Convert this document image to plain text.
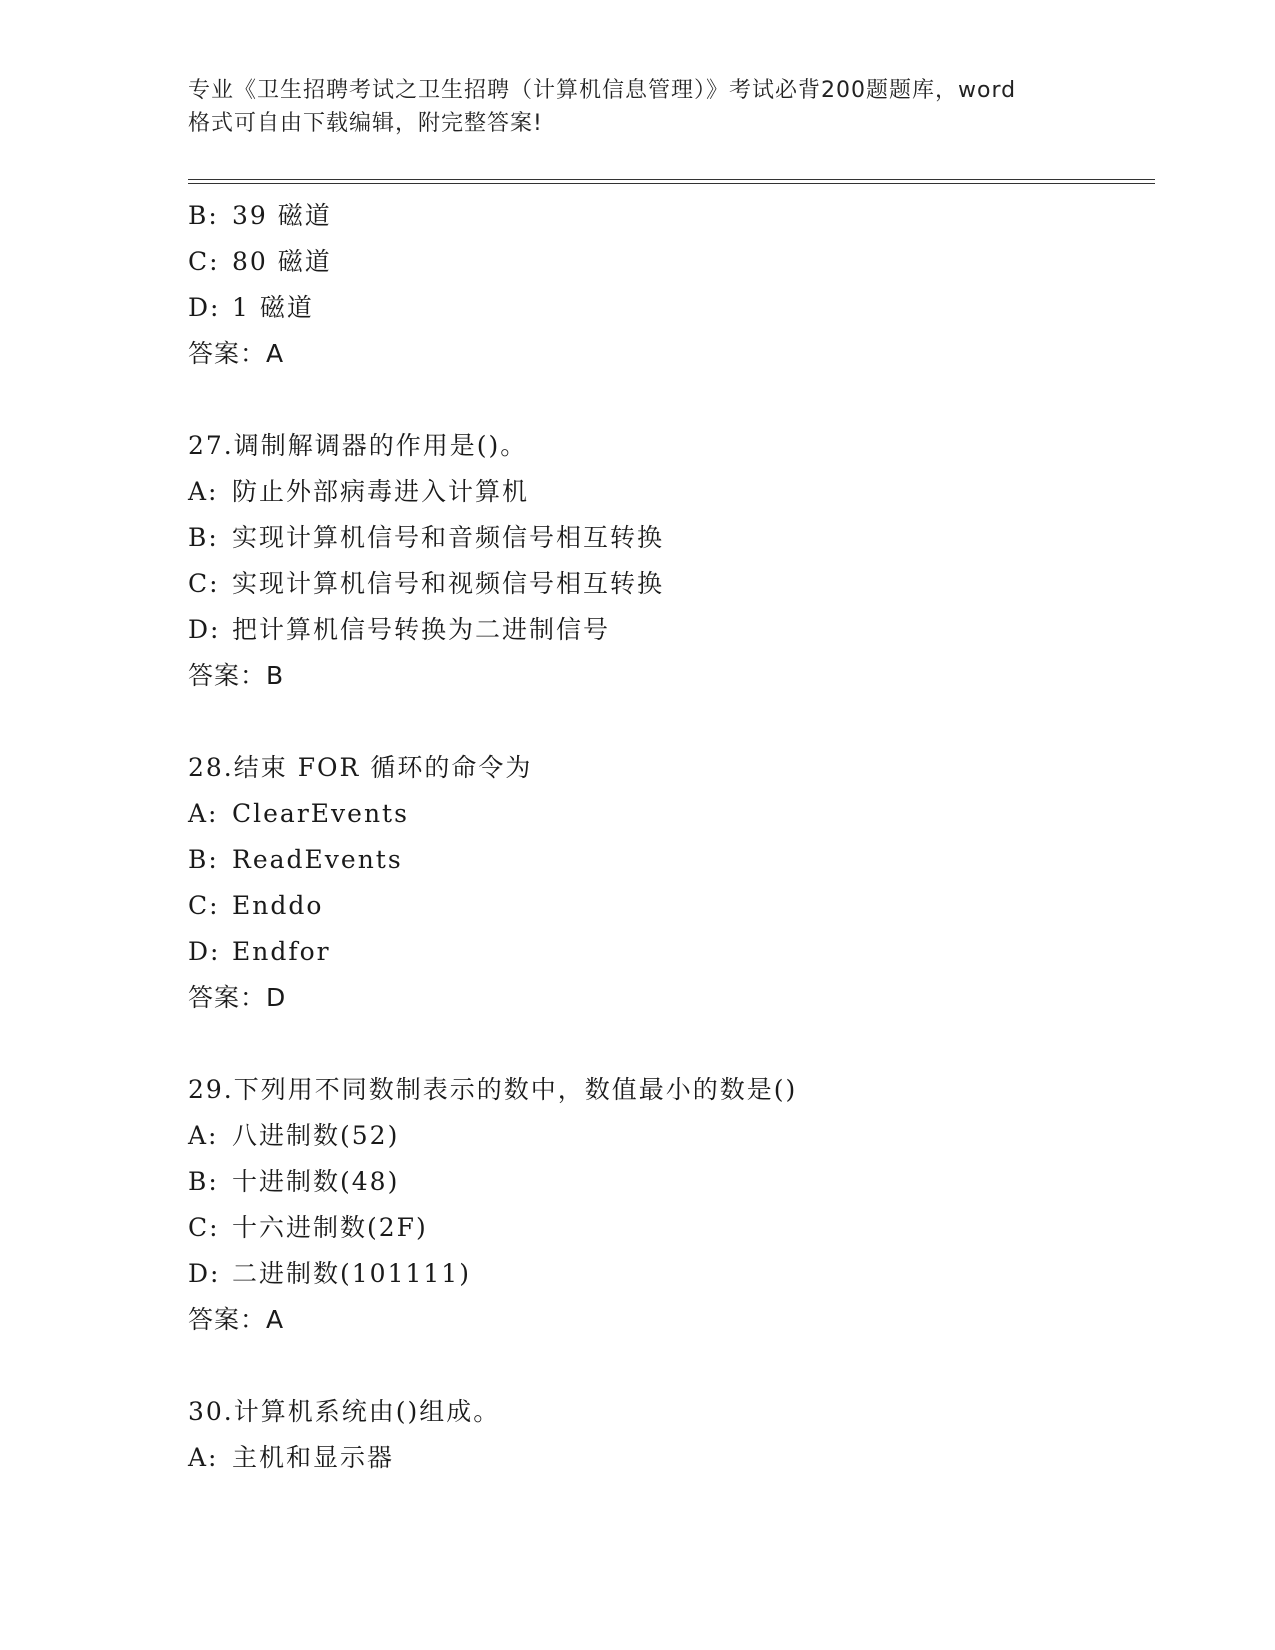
专业《卫生招聘考试之卫生招聘（计算机信息管理）》考试必背200题题库，word
格式可自由下载编辑，附完整答案!
B: 39 磁道
C: 80 磁道
D: 1 磁道
答案：A
27.调制解调器的作用是()。
A: 防止外部病毒进入计算机
B: 实现计算机信号和音频信号相互转换
C: 实现计算机信号和视频信号相互转换
D: 把计算机信号转换为二进制信号
答案：B
28.结束 FOR 循环的命令为
A: ClearEvents
B: ReadEvents
C: Enddo
D: Endfor
答案：D
29.下列用不同数制表示的数中，数值最小的数是()
A: 八进制数(52)
B: 十进制数(48)
C: 十六进制数(2F)
D: 二进制数(101111)
答案：A
30.计算机系统由()组成。
A: 主机和显示器
